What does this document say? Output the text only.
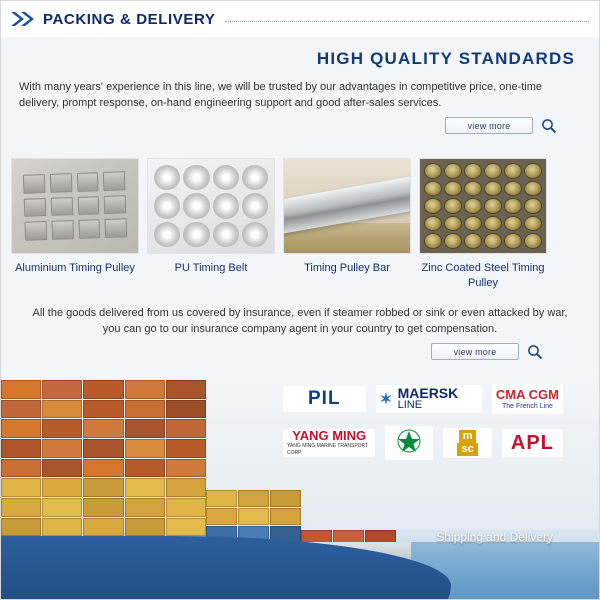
PACKING & DELIVERY
HIGH QUALITY STANDARDS

With many years' experience in this line, we will be trusted by our advantages in competitive price, one-time delivery, prompt response, on-hand engineering support and good after-sales services.

view more
Aluminium Timing Pulley	PU Timing Belt	Timing Pulley Bar	Zinc Coated Steel Timing Pulley
All the goods delivered from us covered by insurance, even if steamer robbed or sink or even attacked by war, you can go to our insurance company agent in your country to get compensation.
view more
PIL	✶ MAERSK
LINE
CMA CGM
The French Line
YANG MING
YANG MING MARINE TRANSPORT CORP.
m
sc	APL
Shipping and Delivery
